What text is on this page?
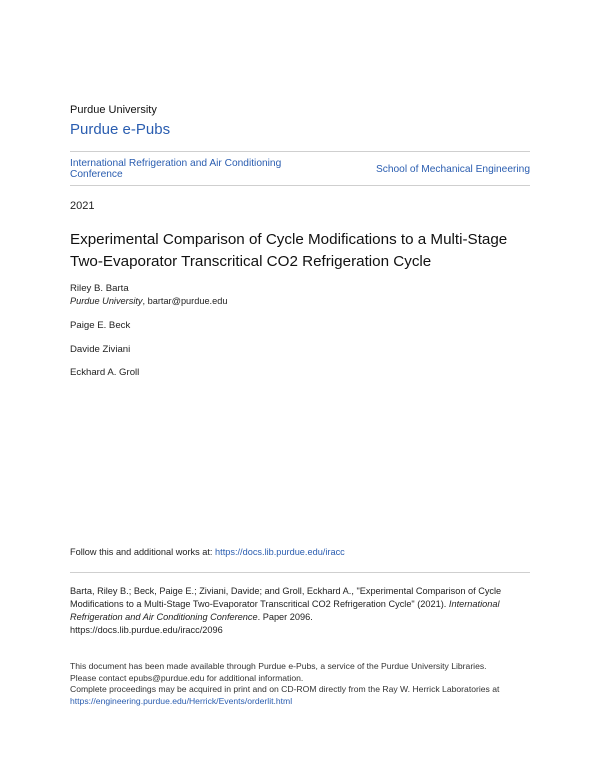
Purdue University
Purdue e-Pubs
International Refrigeration and Air Conditioning
Conference	School of Mechanical Engineering
2021
Experimental Comparison of Cycle Modifications to a Multi-Stage
Two-Evaporator Transcritical CO2 Refrigeration Cycle
Riley B. Barta
Purdue University, bartar@purdue.edu
Paige E. Beck
Davide Ziviani
Eckhard A. Groll
Follow this and additional works at: https://docs.lib.purdue.edu/iracc
Barta, Riley B.; Beck, Paige E.; Ziviani, Davide; and Groll, Eckhard A., "Experimental Comparison of Cycle
Modifications to a Multi-Stage Two-Evaporator Transcritical CO2 Refrigeration Cycle" (2021). International
Refrigeration and Air Conditioning Conference. Paper 2096.
https://docs.lib.purdue.edu/iracc/2096
This document has been made available through Purdue e-Pubs, a service of the Purdue University Libraries.
Please contact epubs@purdue.edu for additional information.
Complete proceedings may be acquired in print and on CD-ROM directly from the Ray W. Herrick Laboratories at
https://engineering.purdue.edu/Herrick/Events/orderlit.html
